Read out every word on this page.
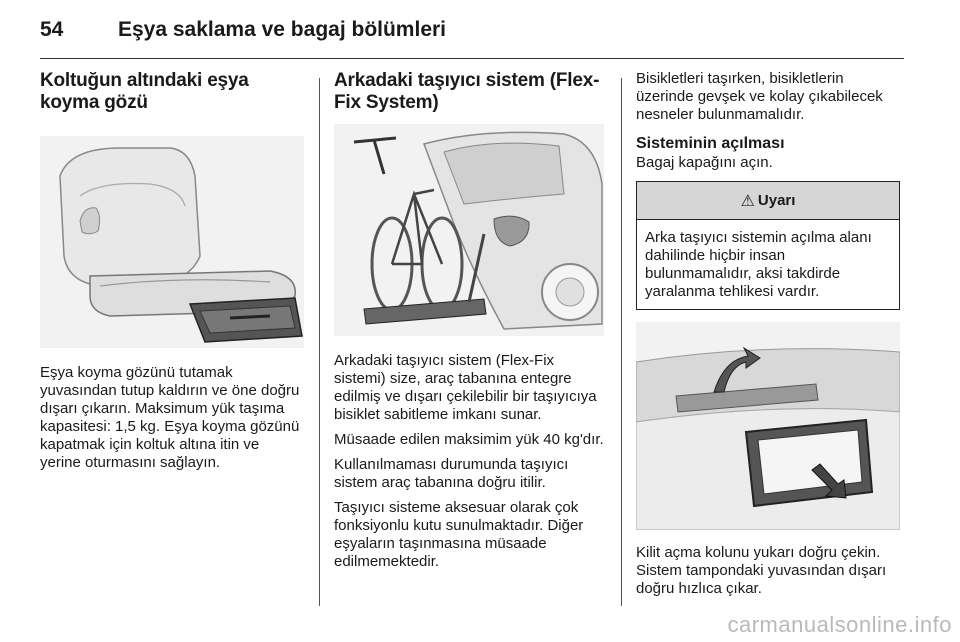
54	Eşya saklama ve bagaj bölümleri
Koltuğun altındaki eşya koyma gözü

Eşya koyma gözünü tutamak yuvasından tutup kaldırın ve öne doğru dışarı çıkarın. Maksimum yük taşıma kapasitesi: 1,5 kg. Eşya koyma gözünü kapatmak için koltuk altına itin ve yerine oturmasını sağlayın.

Arkadaki taşıyıcı sistem (Flex-Fix System)

Arkadaki taşıyıcı sistem (Flex-Fix sistemi) size, araç tabanına entegre edilmiş ve dışarı çekilebilir bir taşıyıcıya bisiklet sabitleme imkanı sunar.

Müsaade edilen maksimim yük 40 kg'dır.

Kullanılmaması durumunda taşıyıcı sistem araç tabanına doğru itilir.

Taşıyıcı sisteme aksesuar olarak çok fonksiyonlu kutu sunulmaktadır. Diğer eşyaların taşınmasına müsaade edilmemektedir.

Bisikletleri taşırken, bisikletlerin üzerinde gevşek ve kolay çıkabilecek nesneler bulunmamalıdır.

Sisteminin açılması

Bagaj kapağını açın.

⚠ Uyarı
Arka taşıyıcı sistemin açılma alanı dahilinde hiçbir insan bulunmamalıdır, aksi takdirde yaralanma tehlikesi vardır.

Kilit açma kolunu yukarı doğru çekin. Sistem tampondaki yuvasından dışarı doğru hızlıca çıkar.

carmanualsonline.info
